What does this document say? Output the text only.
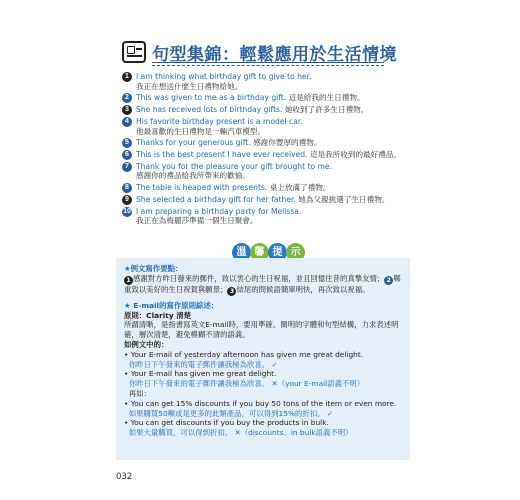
句型集錦：輕鬆應用於生活情境
1 I am thinking what birthday gift to give to her.
我正在想送什麼生日禮物給她。
2 This was given to me as a birthday gift. 這是給我的生日禮物。
3 She has received lots of birthday gifts. 她收到了許多生日禮物。
4 His favorite birthday present is a model car.
他最喜歡的生日禮物是一輛汽車模型。
5 Thanks for your generous gift. 感謝你豐厚的禮物。
6 This is the best present I have ever received. 這是我所收到的最好禮品。
7 Thank you for the pleasure your gift brought to me.
感謝你的禮品給我所帶來的歡愉。
8 The table is heaped with presents. 桌上放滿了禮物。
9 She selected a birthday gift for her father. 她為父親挑選了生日禮物。
10 I am preparing a birthday party for Melissa.
我正在為梅麗莎準備一個生日聚會。
溫 馨 提 示
★例文寫作要點：
1 感謝對方昨日發來的郵件，致以衷心的生日祝福，並且回憶往昔的真摯友情； 2 鄭重致以美好的生日祝賀與願景； 3 結尾的問候語簡單明快，再次致以祝福。
★ E-mail的寫作原則綜述：
原則：Clarity 清楚
所謂清晰，是指書寫英文E-mail時，要用準確、簡明的字體和句型結構，力求表述明確，層次清楚，避免模糊不清的語義。
如例文中的：
• Your E-mail of yesterday afternoon has given me great delight.
你昨日下午發來的電子郵件讓我極為欣喜。 ✓
• Your E-mail has given me great delight.
你昨日下午發來的電子郵件讓我極為欣喜。 ✕（your E-mail語義不明）
再如：
• You can get 15% discounts if you buy 50 tons of the item or even more.
如果購買50噸或是更多的此類產品，可以得到15%的折扣。 ✓
• You can get discounts if you buy the products in bulk.
如果大量購買，可以得到折扣。 ✕（discounts、in bulk語義不明）
032
